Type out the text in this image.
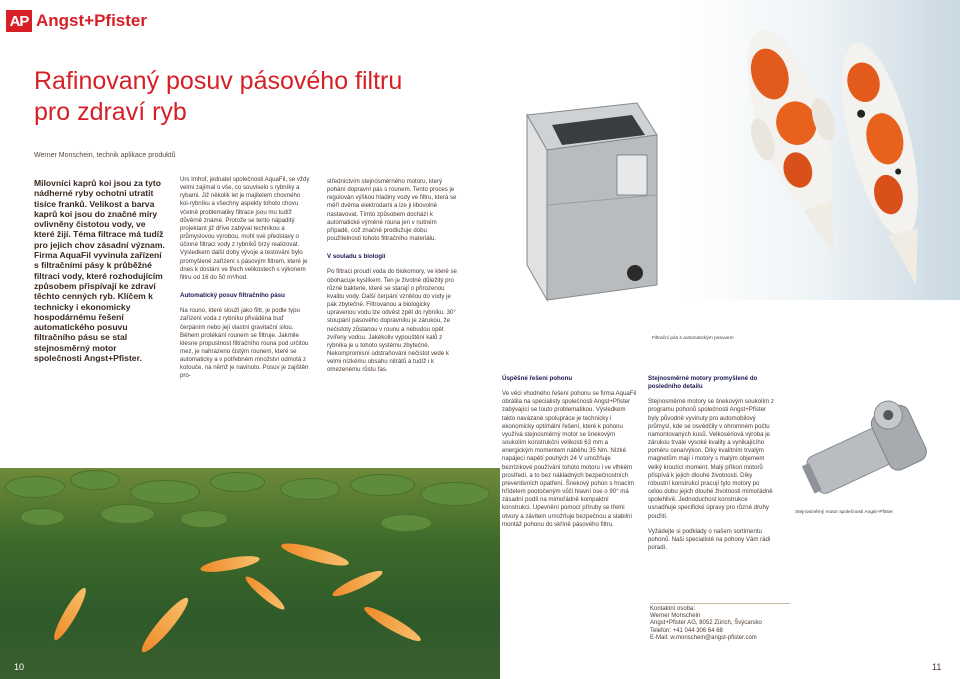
AP Angst+Pfister
Rafinovaný posuv pásového filtru
pro zdraví ryb
Werner Monschein, technik aplikace produktů
Milovníci kaprů koi jsou za tyto nádherné ryby ochotni utratit tisíce franků. Velikost a barva kaprů koi jsou do značné míry ovlivněny čistotou vody, ve které žijí. Téma filtrace má tudíž pro jejich chov zásadní význam. Firma AquaFil vyvinula zařízení s filtračními pásy k průběžné filtraci vody, které rozhodujícím způsobem přispívají ke zdraví těchto cenných ryb. Klíčem k technicky i ekonomicky hospodárnému řešení automatického posuvu filtračního pásu se stal stejnosměrný motor společnosti Angst+Pfister.

Urs Imhof, jednatel společnosti AquaFil, se vždy velmi zajímal o vše, co souviselo s rybníky a rybami. Již několik let je majitelem chovného koi-rybníku a všechny aspekty tohoto chovu včetně problematiky filtrace jsou mu tudíž důvěrně známé. Protože se tento nápaditý projektant již dříve zabýval technikou a průmyslovou výrobou, mohl své představy o účinné filtraci vody z rybníků brzy realizovat. Výsledkem další doby vývoje a testování bylo promyšlené zařízení s pásovým filtrem, které je dnes k dostání ve třech velikostech s výkonem filtru od 16 do 50 m³/hod.

Automatický posuv filtračního pásu

Na rouno, které slouží jako filtr, je podle typu zařízení voda z rybníku přiváděna buď čerpáním nebo její vlastní gravitační silou. Během protékání rounem se filtruje. Jakmile klesne propustnost filtračního rouna pod určitou mez, je nahrazeno čistým rounem, které se automaticky a v potřebném množství odmotá z kotouče, na němž je navinuto. Posuv je zajištěn pro-

střednictvím stejnosměrného motoru, který pohání dopravní pás s rounem. Tento proces je regulován výškou hladiny vody ve filtru, která se měří dvěma elektrodami a lze ji libovolně nastavovat. Tímto způsobem dochází k automatické výměně rouna jen v nutném případě, což značně prodlužuje dobu použitelnosti tohoto filtračního materiálu.

V souladu s biologií

Po filtraci proudí voda do biokomory, ve které se obohacuje kyslíkem. Ten je životně důležitý pro různé bakterie, které se starají o přirozenou kvalitu vody. Další čerpání vzniklou do vody je pak zbytečné. Filtrovanou a biologicky upravenou vodu lze odvést zpět do rybníku. 30° stoupání pásového dopravníku je zárukou, že nečistoty zůstanou v rounu a nebudou opět zvířeny vodou. Jakékoliv vypouštění kalů z rybníka je u tohoto systému zbytečné. Nekompromisní odstraňování nečistot vede k velmi nízkému obsahu nitrátů a tudíž i k omezenému růstu řas.

Úspěšné řešení pohonu

Ve věci vhodného řešení pohonu se firma AquaFil obrátila na specialisty společnosti Angst+Pfister zabývající se touto problematikou. Výsledkem takto navázané spolupráce je technicky i ekonomicky optimální řešení, které k pohonu využívá stejnosměrný motor se šnekovým soukolím konstrukční velikosti 63 mm a energickým momentem náběhu 35 Nm. Nízké napájecí napětí pouhých 24 V umožňuje bezrizikové používání tohoto motoru i ve vlhkém prostředí, a to bez nákladných bezpečnostních preventivních opatření. Šnekový pohon s hnacím hřídelem pootočeným vůči hlavní ose o 90° má zásadní podíl na mimořádně kompaktní konstrukci. Upevnění pomocí příruby se třemi otvory a závitem umožňuje bezpečnou a stabilní montáž pohonu do skříně pásového filtru.

Stejnosměrné motory promyšlené do posledního detailu

Stejnosměrné motory se šnekovým soukolím z programu pohonů společnosti Angst+Pfister byly původně vyvinuty pro automobilový průmysl, kde se osvědčily v ohromném počtu namontovaných kusů. Velkosériová výroba je zárukou trvale vysoké kvality a vynikajícího poměru cena/výkon. Díky kvalitním trvalým magnetům mají i motory s malým objemem velký kroutící moment. Malý příkon motorů přispívá k jejich dlouhé životnosti. Díky robustní konstrukci pracují tyto motory po celou dobu jejich dlouhé životnosti mimořádně spolehlivě. Jednoduchost konstrukce usnadňuje specifické úpravy pro různé druhy použití.

Vyžádejte si podklady o našem sortimentu pohonů. Naši specialisté na pohony Vám rádi poradí.

Filtrační pás s automatickým posuvem
Stejnosměrný motor společnosti Angst+Pfister
Kontaktní osoba:
Werner Monschein
Angst+Pfister AG, 8052 Zürich, Švýcarsko
Telefon: +41 044 306 64 68
E-Mail: w.monschein@angst-pfister.com
10	11
